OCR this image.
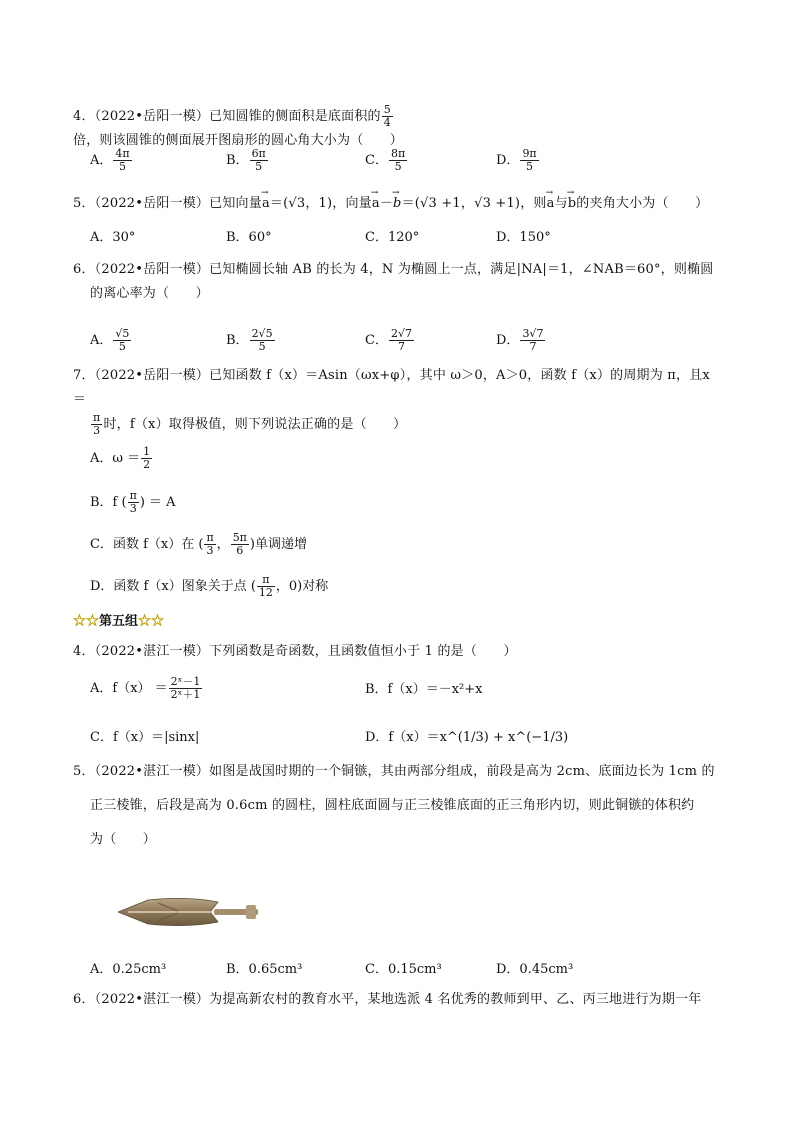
4．（2022•岳阳一模）已知圆锥的侧面积是底面积的 $\frac{5}{4}$
倍，则该圆锥的侧面展开图扇形的圆心角大小为（　　）
A． $\frac{4\pi}{5}$	B． $\frac{6\pi}{5}$	C． $\frac{8\pi}{5}$	D． $\frac{9\pi}{5}$
5．（2022•岳阳一模）已知向量→ a＝(√3，1)，向量→ a－→ b＝(√3 +1，√3 +1)，则→ a与→ b的夹角大小为（　　）
A．30°	B．60°	C．120°	D．150°
6．（2022•岳阳一模）已知椭圆长轴 AB 的长为 4，N 为椭圆上一点，满足|NA|＝1，∠NAB＝60°，则椭圆
的离心率为（　　）
A． $\frac{√5}{5}$	B． $\frac{2√5}{5}$	C． $\frac{2√7}{7}$	D． $\frac{3√7}{7}$
7．（2022•岳阳一模）已知函数 f（x）＝Asin（ωx+φ），其中 ω＞0，A＞0，函数 f（x）的周期为 π，且x ＝
$\frac{\pi}{3}$ 时，f（x）取得极值，则下列说法正确的是（　　）
A．$\omega = \frac{1}{2}$
B．f ( $\frac{\pi}{3}$ ) ＝ A
C．函数 f（x）在 ( $\frac{\pi}{3}$ ， $\frac{5\pi}{6}$ )单调递增
D．函数 f（x）图象关于点 ( $\frac{\pi}{12}$ ，0)对称
☆☆第五组☆☆
4．（2022•湛江一模）下列函数是奇函数，且函数值恒小于 1 的是（　　）
A．$f(x) = \frac{\text{2ˣ－1}}{\text{2ˣ＋1}}$	B．f（x）＝－x²+x
C．f（x）＝|sinx|	D．f（x）＝x^(1/3) + x^(−1/3)
5．（2022•湛江一模）如图是战国时期的一个铜镞，其由两部分组成，前段是高为 2cm、底面边长为 1cm 的
正三棱锥，后段是高为 0.6cm 的圆柱，圆柱底面圆与正三棱锥底面的正三角形内切，则此铜镞的体积约
为（　　）
A．0.25cm³	B．0.65cm³	C．0.15cm³	D．0.45cm³
6．（2022•湛江一模）为提高新农村的教育水平，某地选派 4 名优秀的教师到甲、乙、丙三地进行为期一年
